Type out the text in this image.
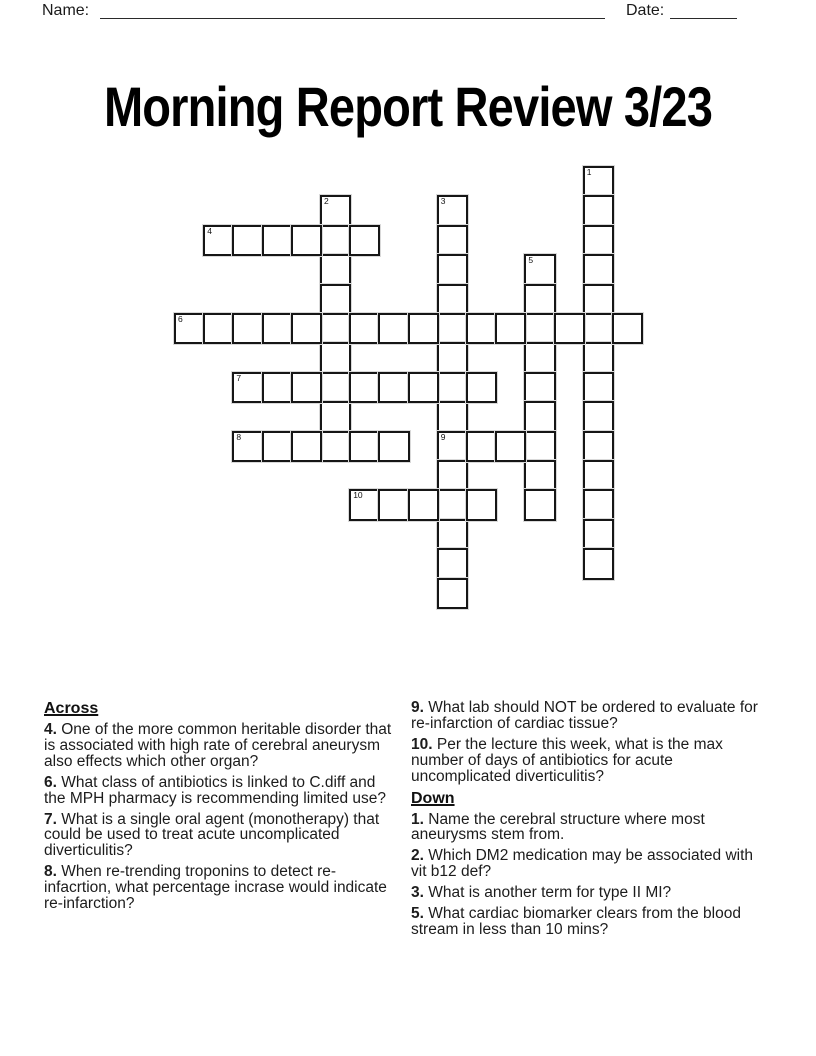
Name:	Date:
Morning Report Review 3/23
1
2	3
9
4
5
6
7
8
10
Across
4. One of the more common heritable disorder that is associated with high rate of cerebral aneurysm also effects which other organ?
6. What class of antibiotics is linked to C.diff and the MPH pharmacy is recommending limited use?
7. What is a single oral agent (monotherapy) that could be used to treat acute uncomplicated diverticulitis?
8. When re-trending troponins to detect re-infacrtion, what percentage incrase would indicate re-infarction?
9. What lab should NOT be ordered to evaluate for re-infarction of cardiac tissue?
10. Per the lecture this week, what is the max number of days of antibiotics for acute uncomplicated diverticulitis?
Down
1. Name the cerebral structure where most aneurysms stem from.
2. Which DM2 medication may be associated with vit b12 def?
3. What is another term for type II MI?
5. What cardiac biomarker clears from the blood stream in less than 10 mins?
